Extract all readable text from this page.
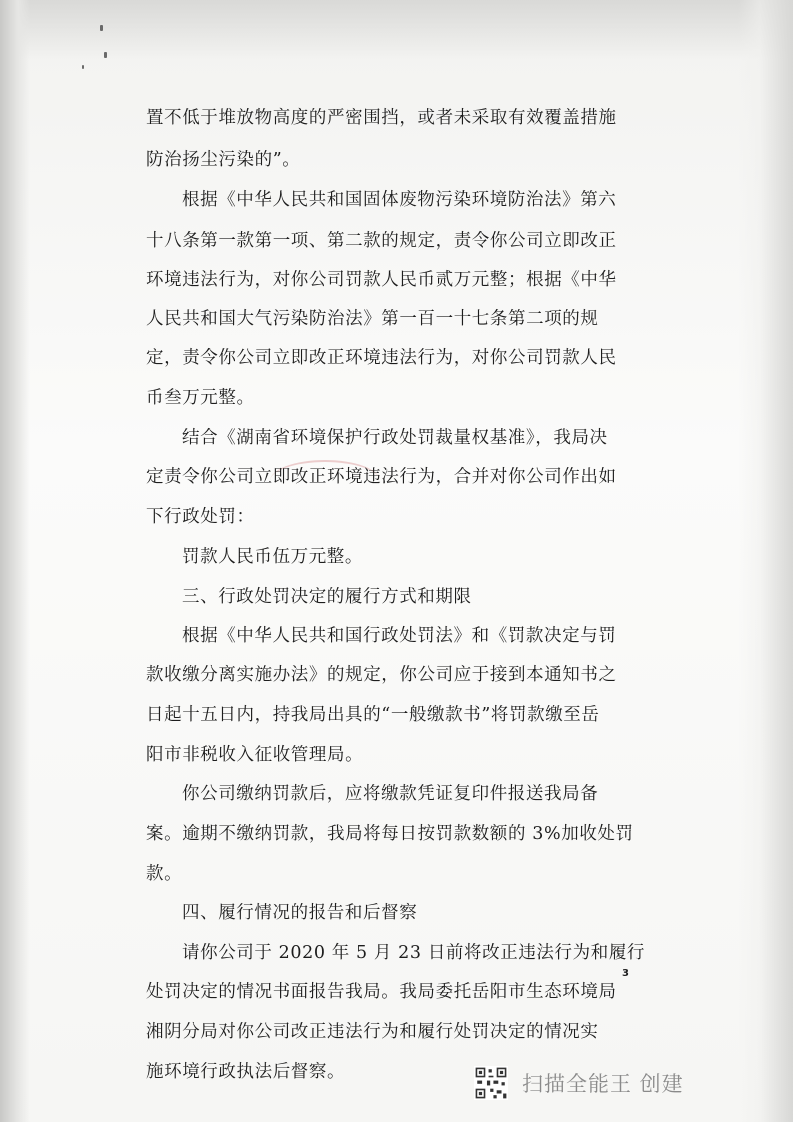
置不低于堆放物高度的严密围挡，或者未采取有效覆盖措施
防治扬尘污染的”。
根据《中华人民共和国固体废物污染环境防治法》第六
十八条第一款第一项、第二款的规定，责令你公司立即改正
环境违法行为，对你公司罚款人民币贰万元整；根据《中华
人民共和国大气污染防治法》第一百一十七条第二项的规
定，责令你公司立即改正环境违法行为，对你公司罚款人民
币叁万元整。
结合《湖南省环境保护行政处罚裁量权基准》，我局决
定责令你公司立即改正环境违法行为，合并对你公司作出如
下行政处罚：
罚款人民币伍万元整。
三、行政处罚决定的履行方式和期限
根据《中华人民共和国行政处罚法》和《罚款决定与罚
款收缴分离实施办法》的规定，你公司应于接到本通知书之
日起十五日内，持我局出具的“一般缴款书”将罚款缴至岳
阳市非税收入征收管理局。
你公司缴纳罚款后，应将缴款凭证复印件报送我局备
案。逾期不缴纳罚款，我局将每日按罚款数额的 3%加收处罚
款。
四、履行情况的报告和后督察
请你公司于 2020 年 5 月 23 日前将改正违法行为和履行
处罚决定的情况书面报告我局。我局委托岳阳市生态环境局
湘阴分局对你公司改正违法行为和履行处罚决定的情况实
施环境行政执法后督察。
3
扫描全能王 创建
